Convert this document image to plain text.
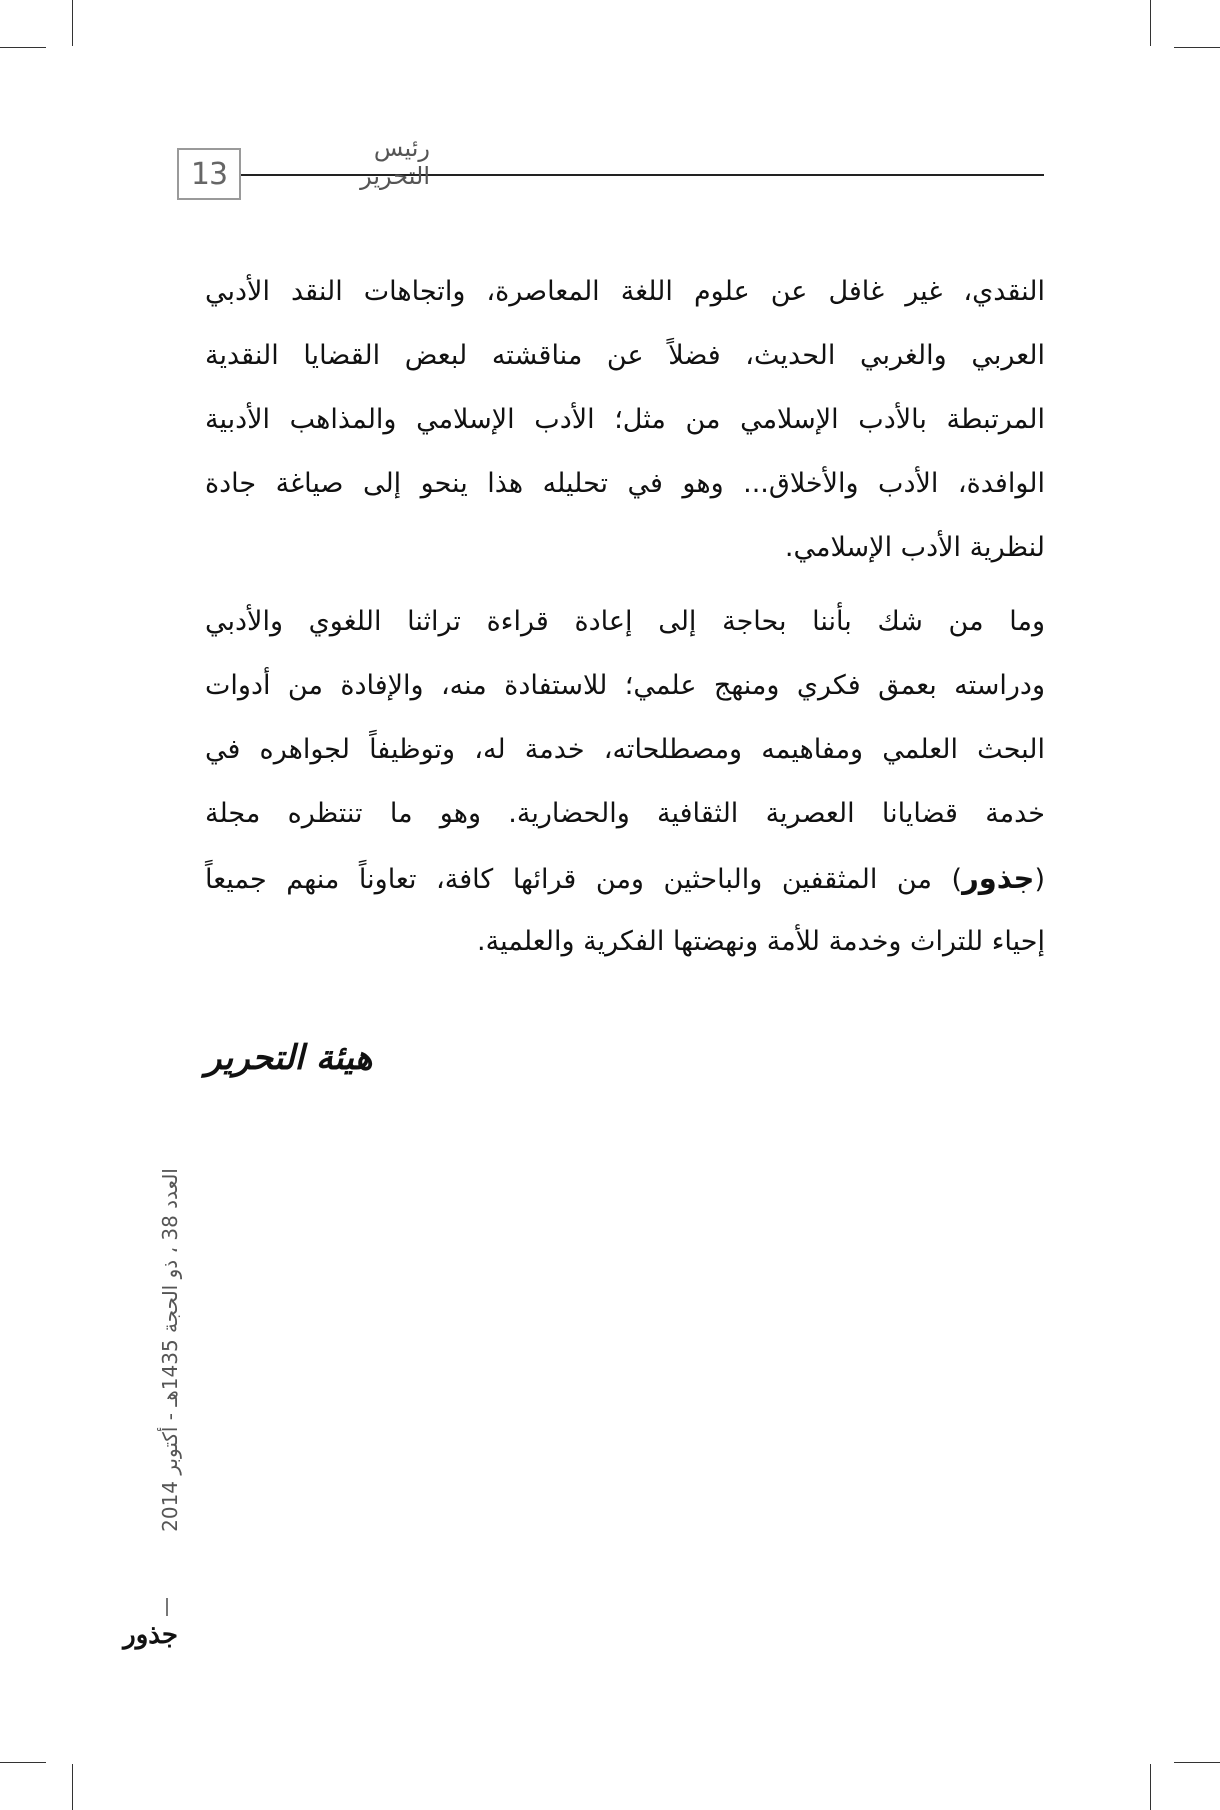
13
رئيس التحرير
النقدي، غير غافل عن علوم اللغة المعاصرة، واتجاهات النقد الأدبي
العربي والغربي الحديث، فضلاً عن مناقشته لبعض القضايا النقدية
المرتبطة بالأدب الإسلامي من مثل؛ الأدب الإسلامي والمذاهب الأدبية
الوافدة، الأدب والأخلاق... وهو في تحليله هذا ينحو إلى صياغة جادة
لنظرية الأدب الإسلامي.
وما من شك بأننا بحاجة إلى إعادة قراءة تراثنا اللغوي والأدبي
ودراسته بعمق فكري ومنهج علمي؛ للاستفادة منه، والإفادة من أدوات
البحث العلمي ومفاهيمه ومصطلحاته، خدمة له، وتوظيفاً لجواهره في
خدمة قضايانا العصرية الثقافية والحضارية. وهو ما تنتظره مجلة
(جذور) من المثقفين والباحثين ومن قرائها كافة، تعاوناً منهم جميعاً
إحياء للتراث وخدمة للأمة ونهضتها الفكرية والعلمية.
هيئة التحرير
العدد 38 ، ذو الحجة 1435هـ - أكتوبر 2014
جذور
